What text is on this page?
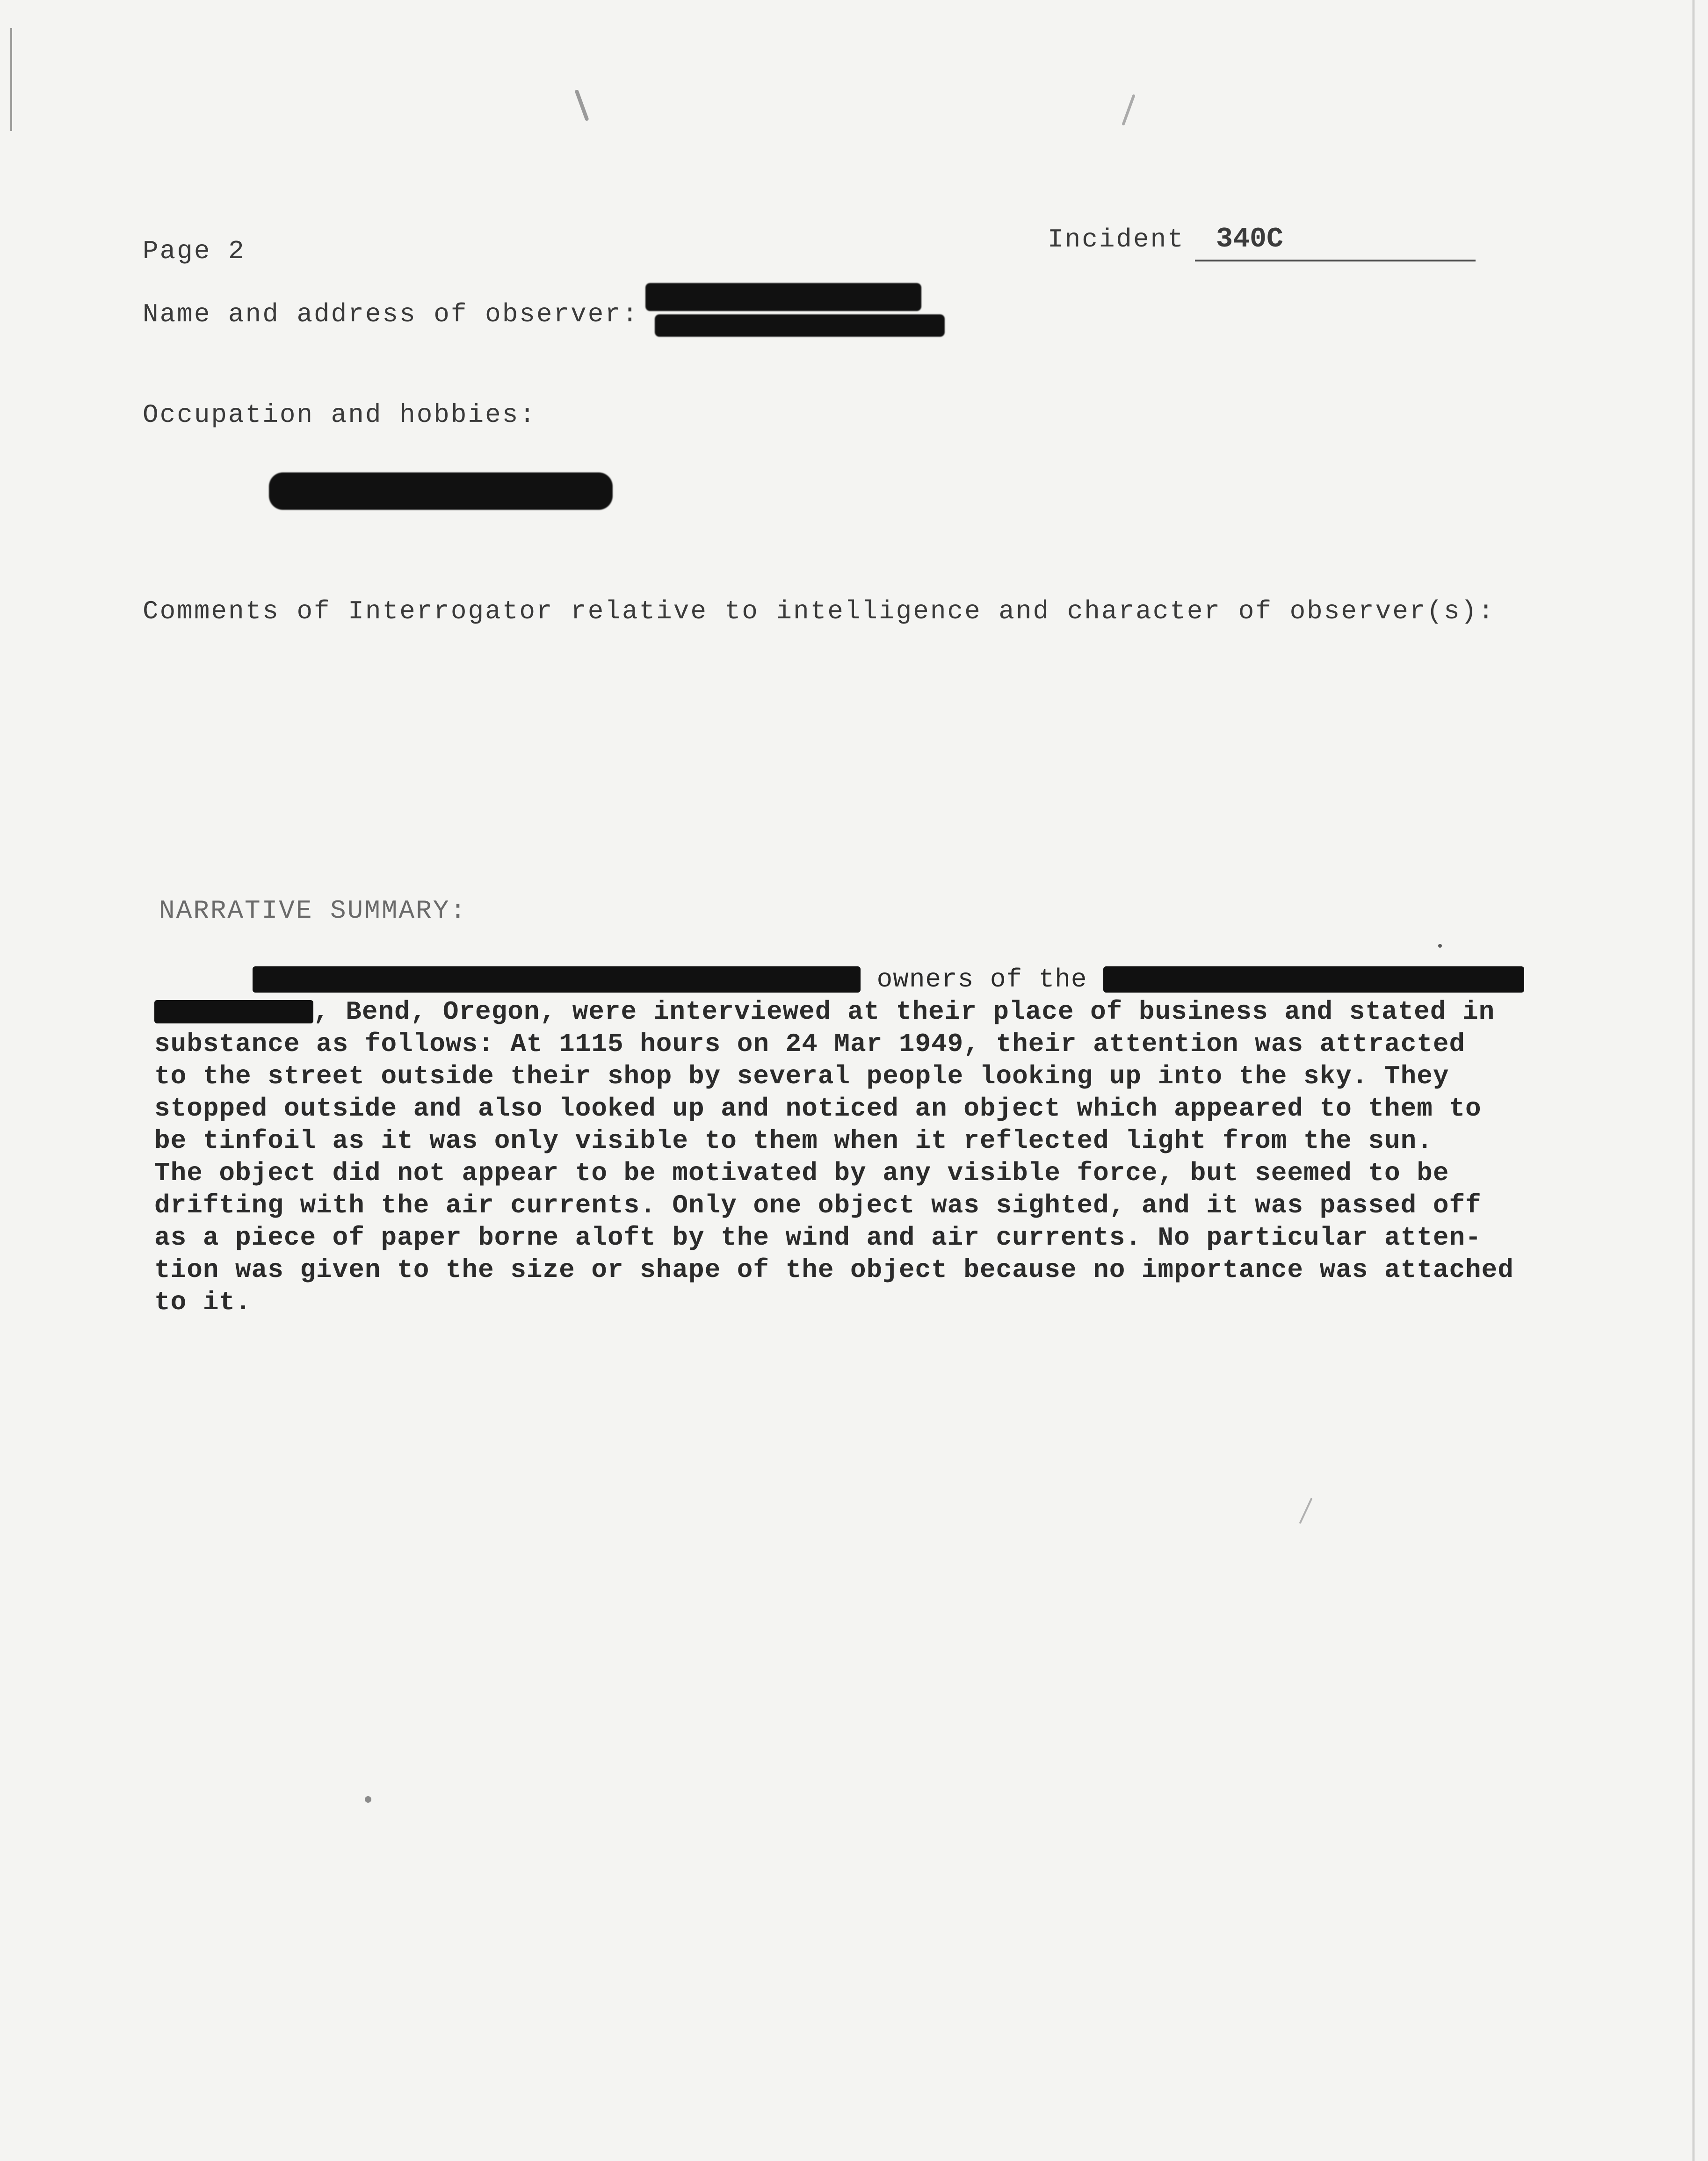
Page 2	Incident 340C
Name and address of observer:
Occupation and hobbies:
Comments of Interrogator relative to intelligence and character of observer(s):
NARRATIVE SUMMARY:
owners of the
, Bend, Oregon, were interviewed at their place of business and stated in
substance as follows: At 1115 hours on 24 Mar 1949, their attention was attracted
to the street outside their shop by several people looking up into the sky. They
stopped outside and also looked up and noticed an object which appeared to them to
be tinfoil as it was only visible to them when it reflected light from the sun.
The object did not appear to be motivated by any visible force, but seemed to be
drifting with the air currents. Only one object was sighted, and it was passed off
as a piece of paper borne aloft by the wind and air currents. No particular atten-
tion was given to the size or shape of the object because no importance was attached
to it.
